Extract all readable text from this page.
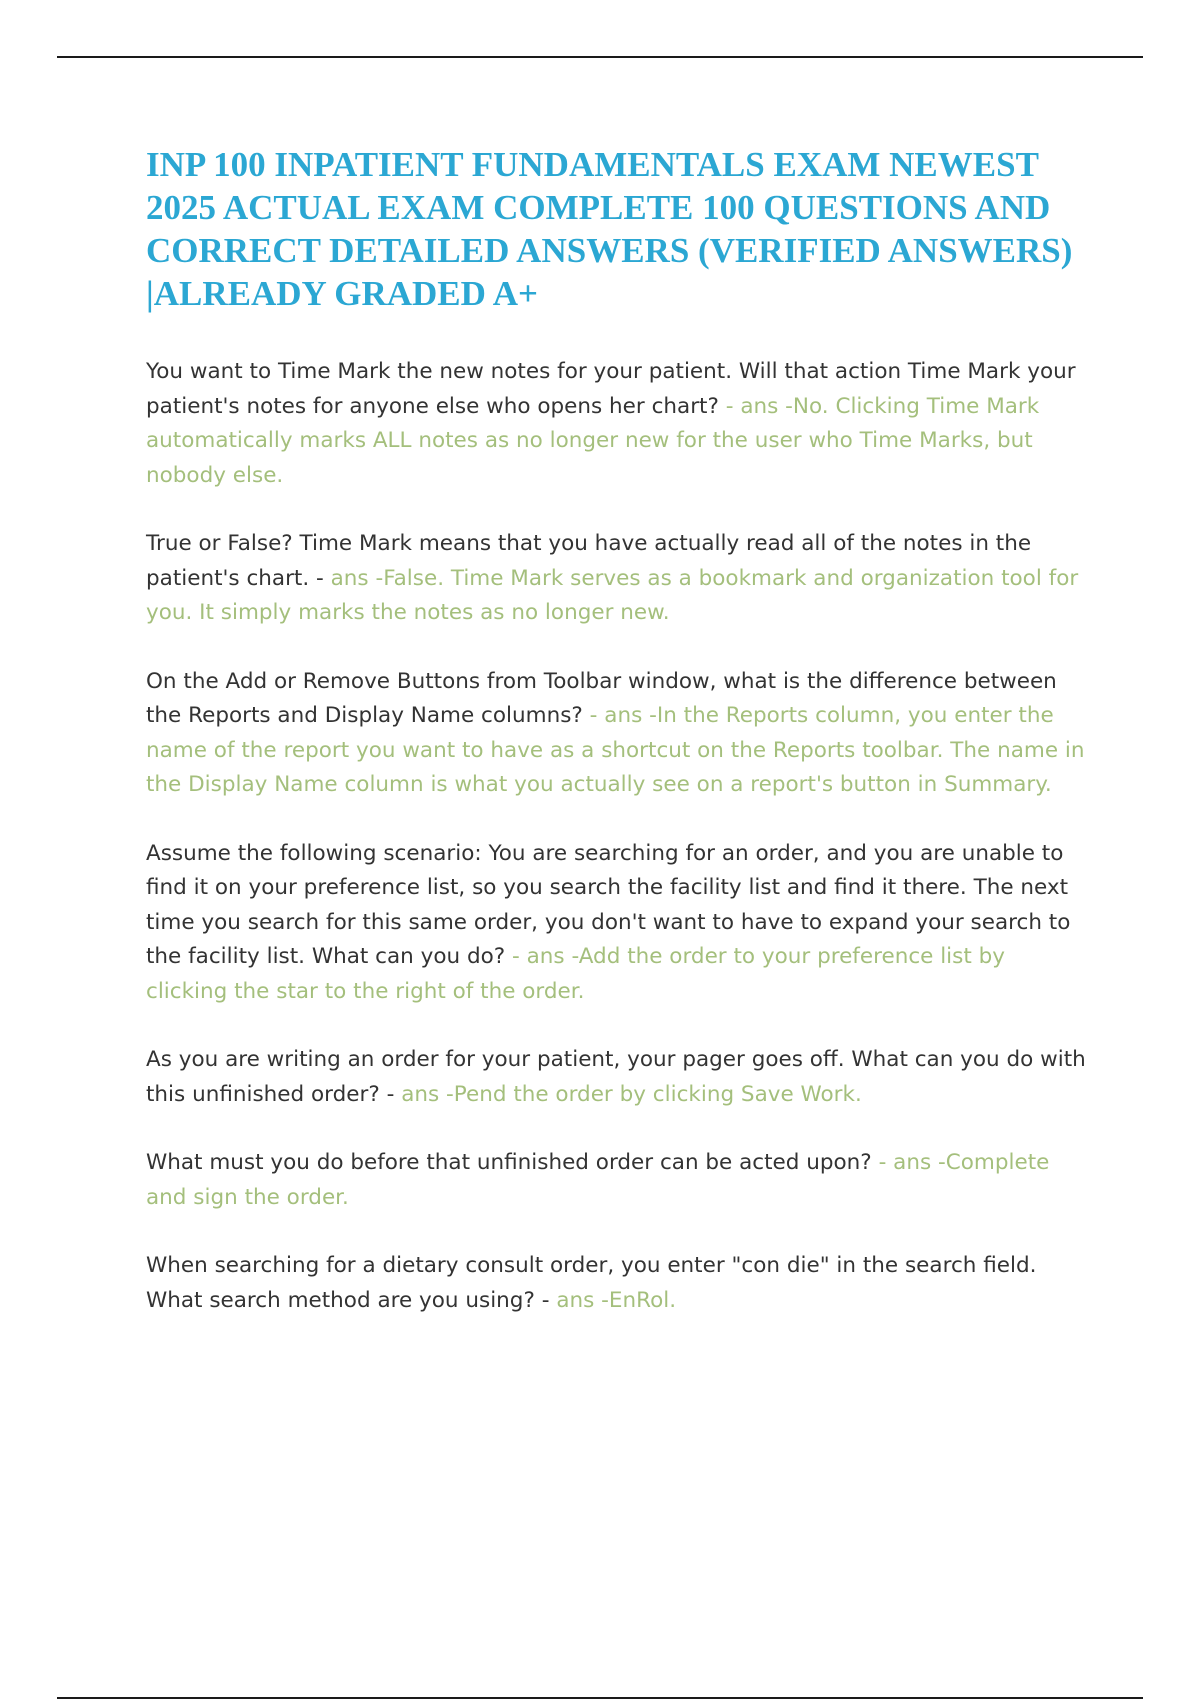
INP 100 INPATIENT FUNDAMENTALS EXAM NEWEST 2025 ACTUAL EXAM COMPLETE 100 QUESTIONS AND CORRECT DETAILED ANSWERS (VERIFIED ANSWERS) |ALREADY GRADED A+

You want to Time Mark the new notes for your patient. Will that action Time Mark your patient's notes for anyone else who opens her chart? - ans -No. Clicking Time Mark automatically marks ALL notes as no longer new for the user who Time Marks, but nobody else.

True or False? Time Mark means that you have actually read all of the notes in the patient's chart. - ans -False. Time Mark serves as a bookmark and organization tool for you. It simply marks the notes as no longer new.

On the Add or Remove Buttons from Toolbar window, what is the difference between the Reports and Display Name columns? - ans -In the Reports column, you enter the name of the report you want to have as a shortcut on the Reports toolbar. The name in the Display Name column is what you actually see on a report's button in Summary.

Assume the following scenario: You are searching for an order, and you are unable to find it on your preference list, so you search the facility list and find it there. The next time you search for this same order, you don't want to have to expand your search to the facility list. What can you do? - ans -Add the order to your preference list by clicking the star to the right of the order.

As you are writing an order for your patient, your pager goes off. What can you do with this unfinished order? - ans -Pend the order by clicking Save Work.

What must you do before that unfinished order can be acted upon? - ans -Complete and sign the order.

When searching for a dietary consult order, you enter "con die" in the search field. What search method are you using? - ans -EnRol.
